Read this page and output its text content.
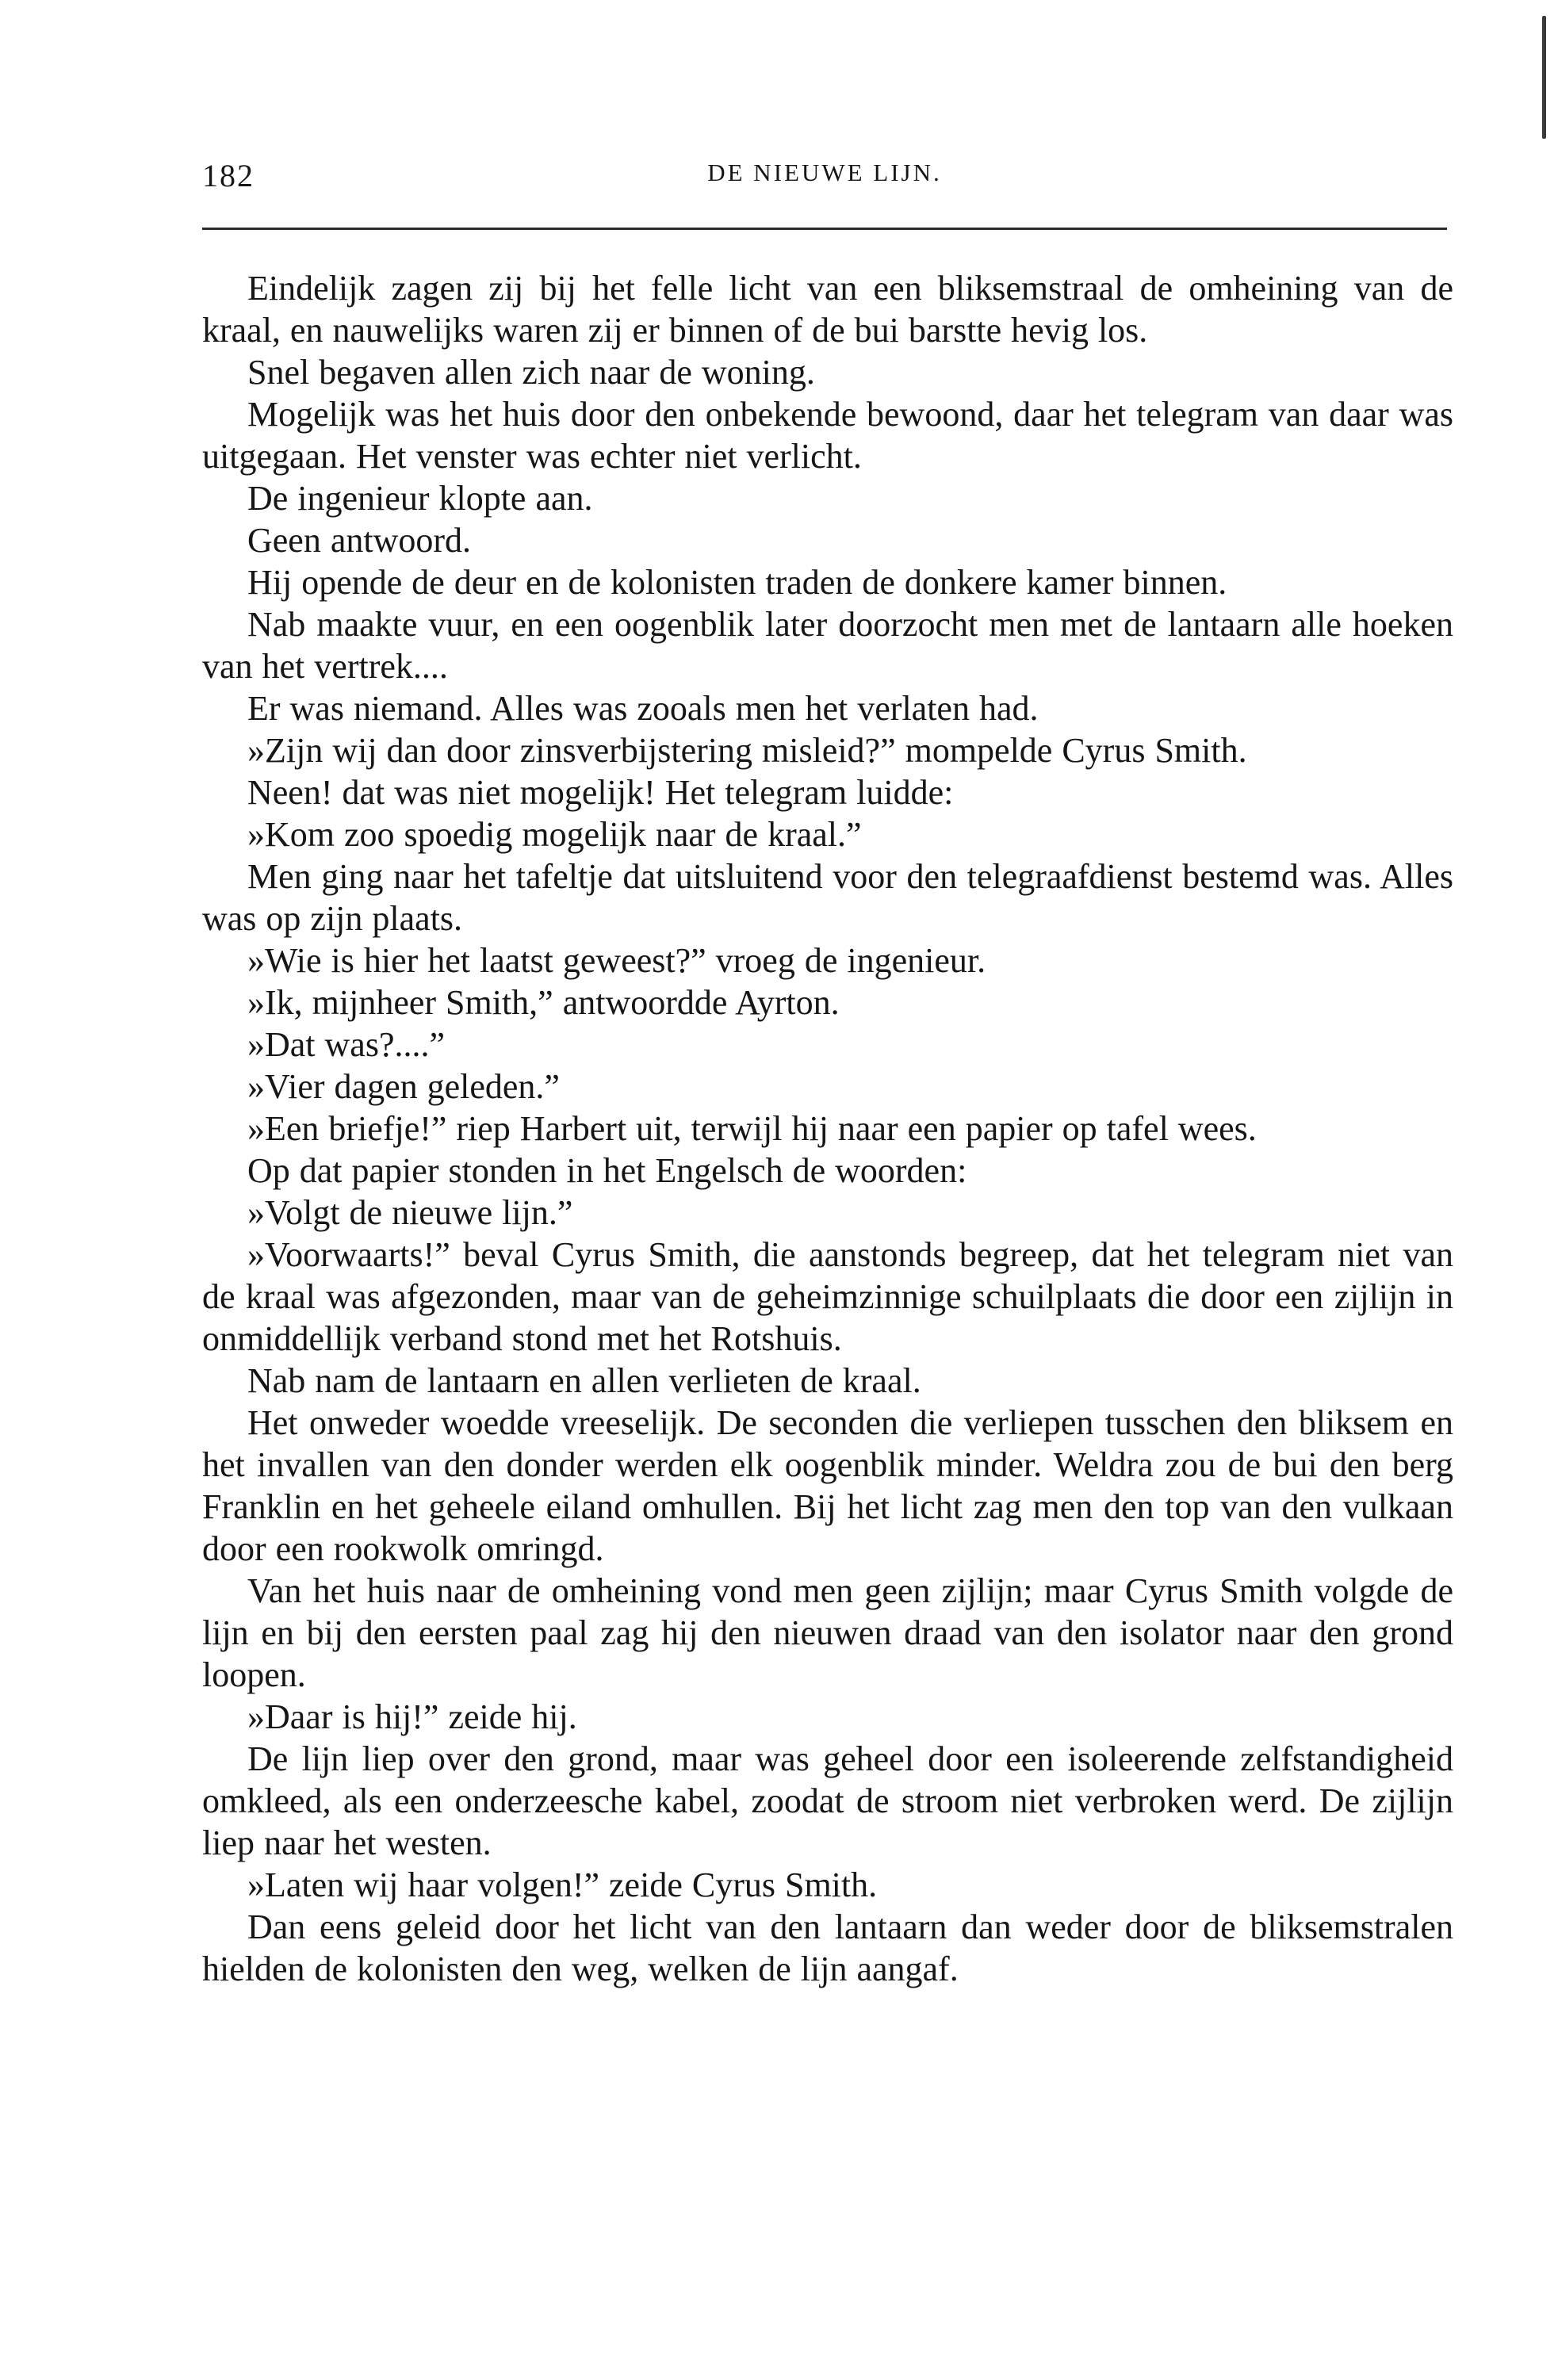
182	DE NIEUWE LIJN.

Eindelijk zagen zij bij het felle licht van een bliksemstraal de omheining van de kraal, en nauwelijks waren zij er binnen of de bui barstte hevig los.

Snel begaven allen zich naar de woning.

Mogelijk was het huis door den onbekende bewoond, daar het telegram van daar was uitgegaan. Het venster was echter niet verlicht.

De ingenieur klopte aan.

Geen antwoord.

Hij opende de deur en de kolonisten traden de donkere kamer binnen.

Nab maakte vuur, en een oogenblik later doorzocht men met de lantaarn alle hoeken van het vertrek....

Er was niemand. Alles was zooals men het verlaten had.

»Zijn wij dan door zinsverbijstering misleid?” mompelde Cyrus Smith.

Neen! dat was niet mogelijk! Het telegram luidde:

»Kom zoo spoedig mogelijk naar de kraal.”

Men ging naar het tafeltje dat uitsluitend voor den telegraafdienst bestemd was. Alles was op zijn plaats.

»Wie is hier het laatst geweest?” vroeg de ingenieur.

»Ik, mijnheer Smith,” antwoordde Ayrton.

»Dat was?....”

»Vier dagen geleden.”

»Een briefje!” riep Harbert uit, terwijl hij naar een papier op tafel wees.

Op dat papier stonden in het Engelsch de woorden:

»Volgt de nieuwe lijn.”

»Voorwaarts!” beval Cyrus Smith, die aanstonds begreep, dat het telegram niet van de kraal was afgezonden, maar van de geheimzinnige schuilplaats die door een zijlijn in onmiddellijk verband stond met het Rotshuis.

Nab nam de lantaarn en allen verlieten de kraal.

Het onweder woedde vreeselijk. De seconden die verliepen tusschen den bliksem en het invallen van den donder werden elk oogenblik minder. Weldra zou de bui den berg Franklin en het geheele eiland omhullen. Bij het licht zag men den top van den vulkaan door een rookwolk omringd.

Van het huis naar de omheining vond men geen zijlijn; maar Cyrus Smith volgde de lijn en bij den eersten paal zag hij den nieuwen draad van den isolator naar den grond loopen.

»Daar is hij!” zeide hij.

De lijn liep over den grond, maar was geheel door een isoleerende zelfstandigheid omkleed, als een onderzeesche kabel, zoodat de stroom niet verbroken werd. De zijlijn liep naar het westen.

»Laten wij haar volgen!” zeide Cyrus Smith.

Dan eens geleid door het licht van den lantaarn dan weder door de bliksemstralen hielden de kolonisten den weg, welken de lijn aangaf.
